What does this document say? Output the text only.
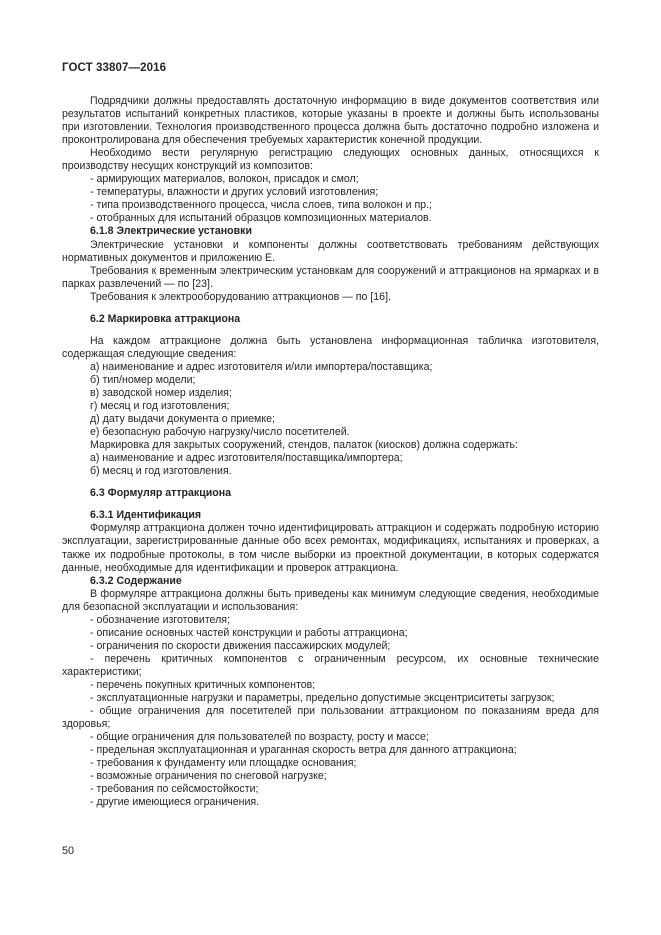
ГОСТ 33807—2016

Подрядчики должны предоставлять достаточную информацию в виде документов соответствия или результатов испытаний конкретных пластиков, которые указаны в проекте и должны быть использованы при изготовлении. Технология производственного процесса должна быть достаточно подробно изложена и проконтролирована для обеспечения требуемых характеристик конечной продукции.

Необходимо вести регулярную регистрацию следующих основных данных, относящихся к производству несущих конструкций из композитов:

- армирующих материалов, волокон, присадок и смол;

- температуры, влажности и других условий изготовления;

- типа производственного процесса, числа слоев, типа волокон и пр.;

- отобранных для испытаний образцов композиционных материалов.

6.1.8 Электрические установки

Электрические установки и компоненты должны соответствовать требованиям действующих нормативных документов и приложению Е.

Требования к временным электрическим установкам для сооружений и аттракционов на ярмарках и в парках развлечений — по [23].

Требования к электрооборудованию аттракционов — по [16].

6.2 Маркировка аттракциона

На каждом аттракционе должна быть установлена информационная табличка изготовителя, содержащая следующие сведения:

а) наименование и адрес изготовителя и/или импортера/поставщика;

б) тип/номер модели;

в) заводской номер изделия;

г) месяц и год изготовления;

д) дату выдачи документа о приемке;

е) безопасную рабочую нагрузку/число посетителей.

Маркировка для закрытых сооружений, стендов, палаток (киосков) должна содержать:

а) наименование и адрес изготовителя/поставщика/импортера;

б) месяц и год изготовления.

6.3 Формуляр аттракциона

6.3.1 Идентификация

Формуляр аттракциона должен точно идентифицировать аттракцион и содержать подробную историю эксплуатации, зарегистрированные данные обо всех ремонтах, модификациях, испытаниях и проверках, а также их подробные протоколы, в том числе выборки из проектной документации, в которых содержатся данные, необходимые для идентификации и проверок аттракциона.

6.3.2 Содержание

В формуляре аттракциона должны быть приведены как минимум следующие сведения, необходимые для безопасной эксплуатации и использования:

- обозначение изготовителя;

- описание основных частей конструкции и работы аттракциона;

- ограничения по скорости движения пассажирских модулей;

- перечень критичных компонентов с ограниченным ресурсом, их основные технические характеристики;

- перечень покупных критичных компонентов;

- эксплуатационные нагрузки и параметры, предельно допустимые эксцентриситеты загрузок;

- общие ограничения для посетителей при пользовании аттракционом по показаниям вреда для здоровья;

- общие ограничения для пользователей по возрасту, росту и массе;

- предельная эксплуатационная и ураганная скорость ветра для данного аттракциона;

- требования к фундаменту или площадке основания;

- возможные ограничения по снеговой нагрузке;

- требования по сейсмостойкости;

- другие имеющиеся ограничения.

50
